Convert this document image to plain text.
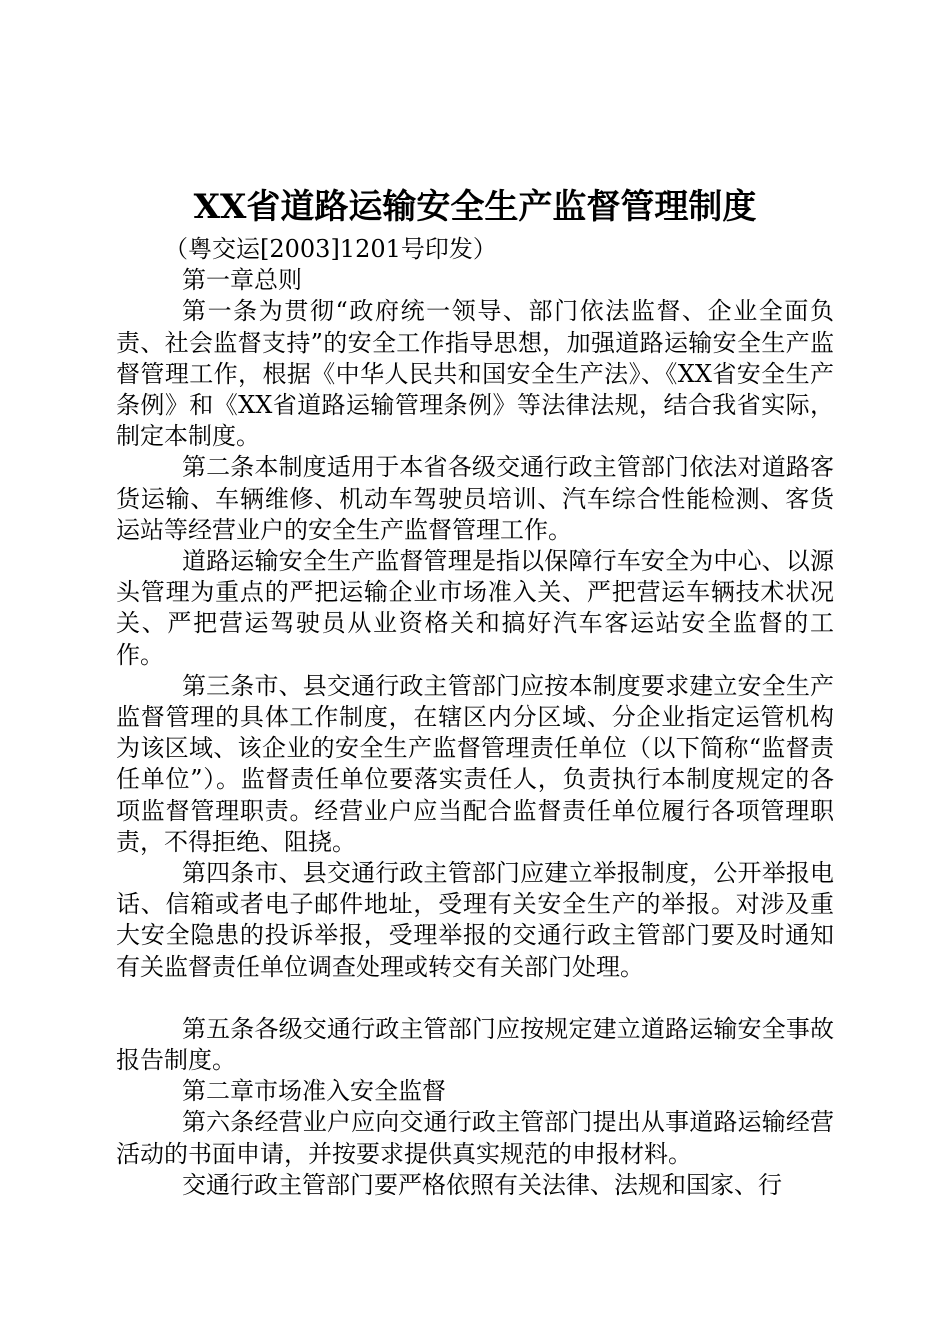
XX省道路运输安全生产监督管理制度

（粤交运[2003]1201号印发）

第一章总则

第一条为贯彻“政府统一领导、部门依法监督、企业全面负责、社会监督支持”的安全工作指导思想，加强道路运输安全生产监督管理工作，根据《中华人民共和国安全生产法》、《XX省安全生产条例》和《XX省道路运输管理条例》等法律法规，结合我省实际，制定本制度。

第二条本制度适用于本省各级交通行政主管部门依法对道路客货运输、车辆维修、机动车驾驶员培训、汽车综合性能检测、客货运站等经营业户的安全生产监督管理工作。

道路运输安全生产监督管理是指以保障行车安全为中心、以源头管理为重点的严把运输企业市场准入关、严把营运车辆技术状况关、严把营运驾驶员从业资格关和搞好汽车客运站安全监督的工作。

第三条市、县交通行政主管部门应按本制度要求建立安全生产监督管理的具体工作制度，在辖区内分区域、分企业指定运管机构为该区域、该企业的安全生产监督管理责任单位（以下简称“监督责任单位”）。监督责任单位要落实责任人，负责执行本制度规定的各项监督管理职责。经营业户应当配合监督责任单位履行各项管理职责，不得拒绝、阻挠。

第四条市、县交通行政主管部门应建立举报制度，公开举报电话、信箱或者电子邮件地址，受理有关安全生产的举报。对涉及重大安全隐患的投诉举报，受理举报的交通行政主管部门要及时通知有关监督责任单位调查处理或转交有关部门处理。

第五条各级交通行政主管部门应按规定建立道路运输安全事故报告制度。

第二章市场准入安全监督

第六条经营业户应向交通行政主管部门提出从事道路运输经营活动的书面申请，并按要求提供真实规范的申报材料。

交通行政主管部门要严格依照有关法律、法规和国家、行
